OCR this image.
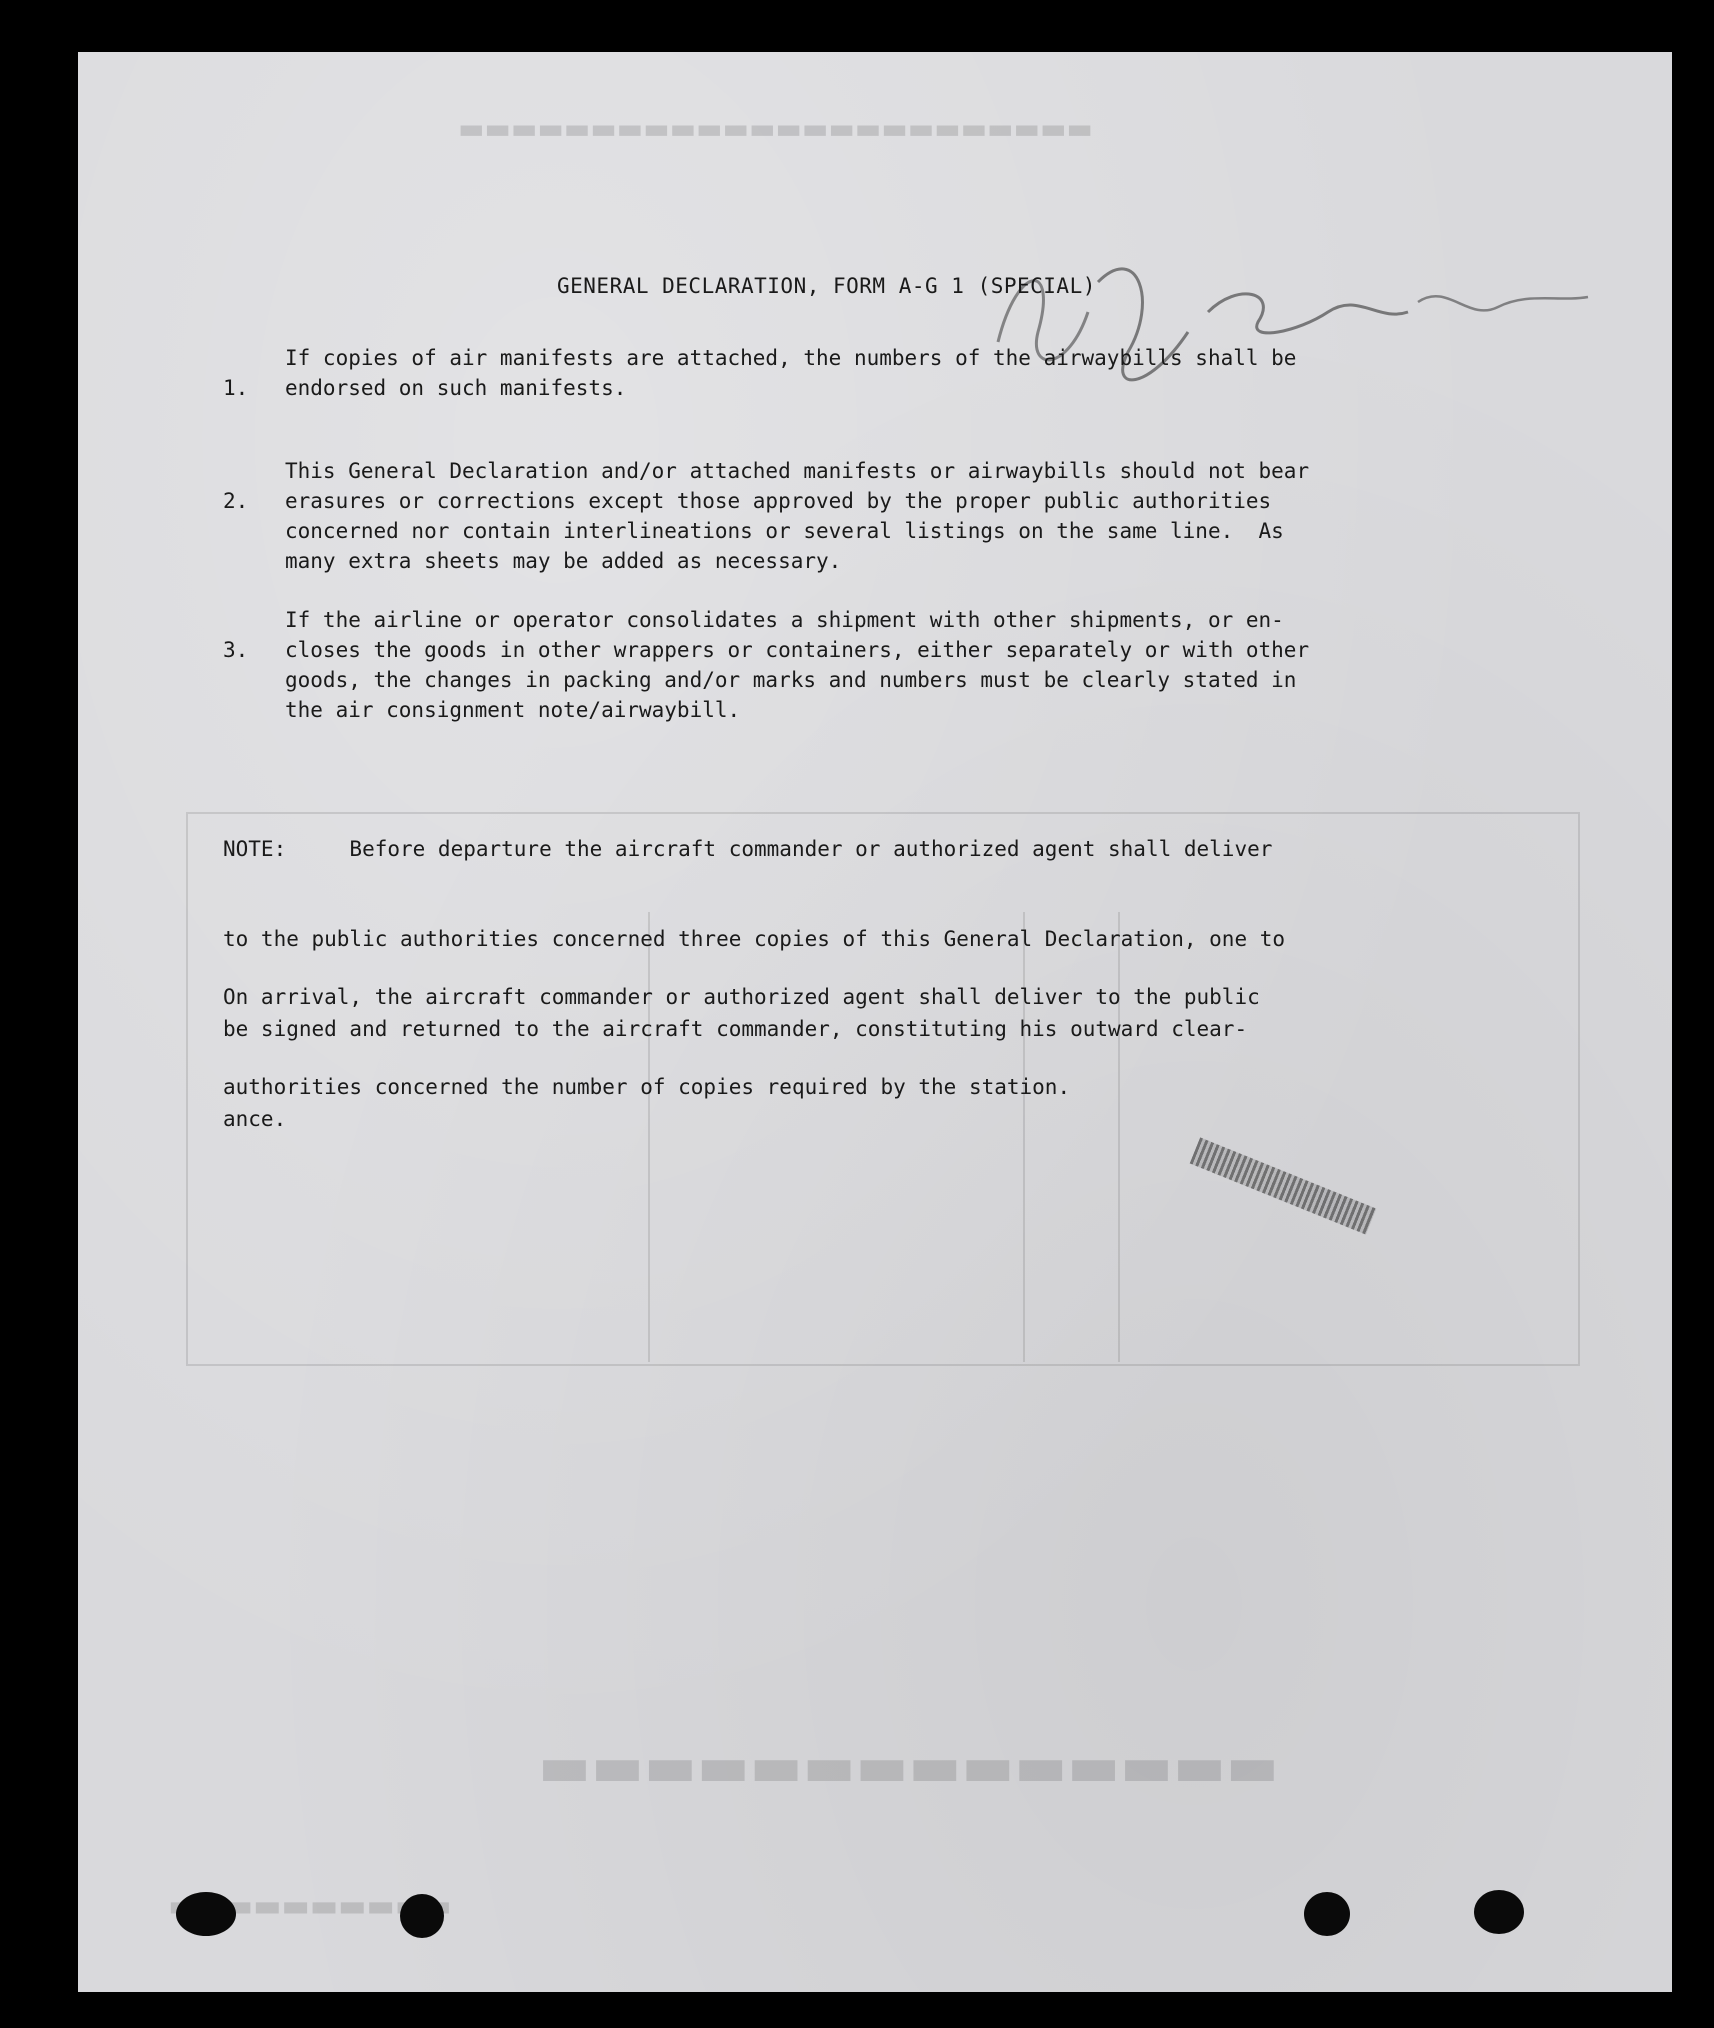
▬▬▬▬▬▬▬▬▬▬▬▬▬▬▬▬▬▬▬▬▬▬▬▬
▬▬▬▬▬▬▬▬▬▬▬▬▬▬
▬▬▬▬▬▬▬▬▬▬
GENERAL DECLARATION, FORM A-G 1 (SPECIAL)

1.

If copies of air manifests are attached, the numbers of the airwaybills shall be

endorsed on such manifests.

2.

This General Declaration and/or attached manifests or airwaybills should not bear

erasures or corrections except those approved by the proper public authorities

concerned nor contain interlineations or several listings on the same line.  As

many extra sheets may be added as necessary.

3.

If the airline or operator consolidates a shipment with other shipments, or en-

closes the goods in other wrappers or containers, either separately or with other

goods, the changes in packing and/or marks and numbers must be clearly stated in

the air consignment note/airwaybill.

NOTE:     Before departure the aircraft commander or authorized agent shall deliver

to the public authorities concerned three copies of this General Declaration, one to

be signed and returned to the aircraft commander, constituting his outward clear-

ance.

On arrival, the aircraft commander or authorized agent shall deliver to the public

authorities concerned the number of copies required by the station.
